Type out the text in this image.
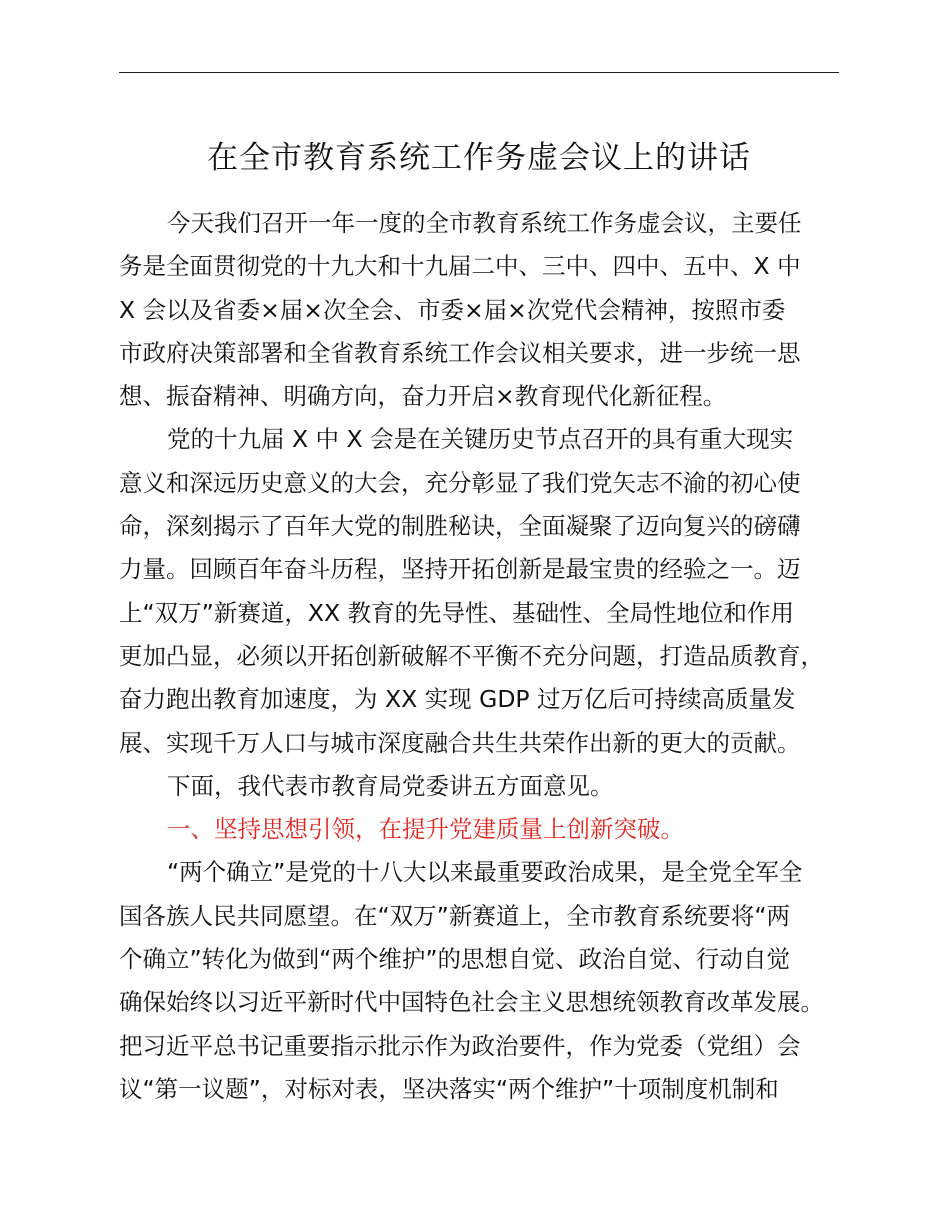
在全市教育系统工作务虚会议上的讲话
今天我们召开一年一度的全市教育系统工作务虚会议，主要任
务是全面贯彻党的十九大和十九届二中、三中、四中、五中、X 中
X 会以及省委×届×次全会、市委×届×次党代会精神，按照市委
市政府决策部署和全省教育系统工作会议相关要求，进一步统一思
想、振奋精神、明确方向，奋力开启×教育现代化新征程。
党的十九届 X 中 X 会是在关键历史节点召开的具有重大现实
意义和深远历史意义的大会，充分彰显了我们党矢志不渝的初心使
命，深刻揭示了百年大党的制胜秘诀，全面凝聚了迈向复兴的磅礴
力量。回顾百年奋斗历程，坚持开拓创新是最宝贵的经验之一。迈
上“双万”新赛道，XX 教育的先导性、基础性、全局性地位和作用
更加凸显，必须以开拓创新破解不平衡不充分问题，打造品质教育，
奋力跑出教育加速度，为 XX 实现 GDP 过万亿后可持续高质量发
展、实现千万人口与城市深度融合共生共荣作出新的更大的贡献。
下面，我代表市教育局党委讲五方面意见。
一、坚持思想引领，在提升党建质量上创新突破。
“两个确立”是党的十八大以来最重要政治成果，是全党全军全
国各族人民共同愿望。在“双万”新赛道上，全市教育系统要将“两
个确立”转化为做到“两个维护”的思想自觉、政治自觉、行动自觉
确保始终以习近平新时代中国特色社会主义思想统领教育改革发展。
把习近平总书记重要指示批示作为政治要件，作为党委（党组）会
议“第一议题”，对标对表，坚决落实“两个维护”十项制度机制和
